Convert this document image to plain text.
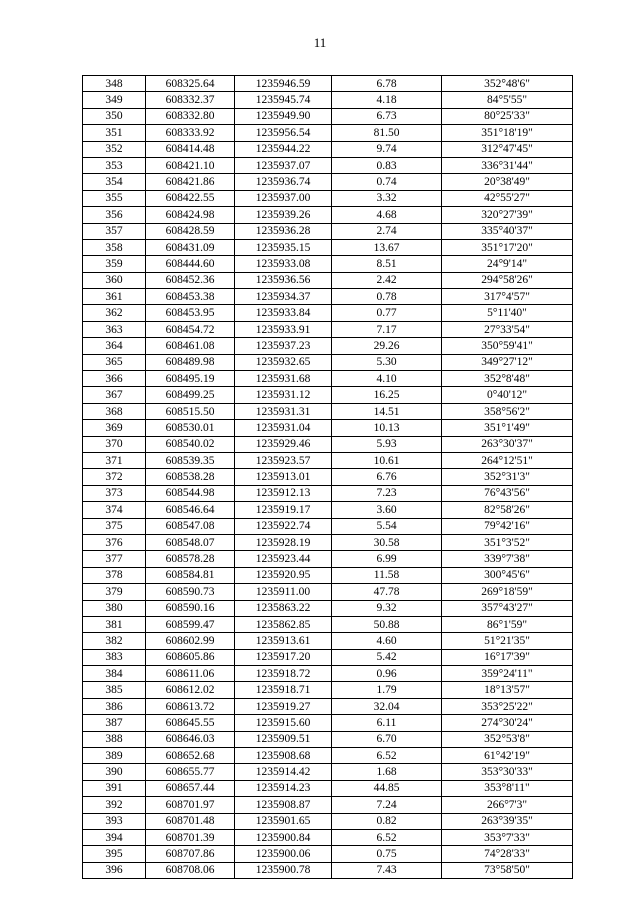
11
348	608325.64	1235946.59	6.78	352°48'6"
349	608332.37	1235945.74	4.18	84°5'55"
350	608332.80	1235949.90	6.73	80°25'33"
351	608333.92	1235956.54	81.50	351°18'19"
352	608414.48	1235944.22	9.74	312°47'45"
353	608421.10	1235937.07	0.83	336°31'44"
354	608421.86	1235936.74	0.74	20°38'49"
355	608422.55	1235937.00	3.32	42°55'27"
356	608424.98	1235939.26	4.68	320°27'39"
357	608428.59	1235936.28	2.74	335°40'37"
358	608431.09	1235935.15	13.67	351°17'20"
359	608444.60	1235933.08	8.51	24°9'14"
360	608452.36	1235936.56	2.42	294°58'26"
361	608453.38	1235934.37	0.78	317°4'57"
362	608453.95	1235933.84	0.77	5°11'40"
363	608454.72	1235933.91	7.17	27°33'54"
364	608461.08	1235937.23	29.26	350°59'41"
365	608489.98	1235932.65	5.30	349°27'12"
366	608495.19	1235931.68	4.10	352°8'48"
367	608499.25	1235931.12	16.25	0°40'12"
368	608515.50	1235931.31	14.51	358°56'2"
369	608530.01	1235931.04	10.13	351°1'49"
370	608540.02	1235929.46	5.93	263°30'37"
371	608539.35	1235923.57	10.61	264°12'51"
372	608538.28	1235913.01	6.76	352°31'3"
373	608544.98	1235912.13	7.23	76°43'56"
374	608546.64	1235919.17	3.60	82°58'26"
375	608547.08	1235922.74	5.54	79°42'16"
376	608548.07	1235928.19	30.58	351°3'52"
377	608578.28	1235923.44	6.99	339°7'38"
378	608584.81	1235920.95	11.58	300°45'6"
379	608590.73	1235911.00	47.78	269°18'59"
380	608590.16	1235863.22	9.32	357°43'27"
381	608599.47	1235862.85	50.88	86°1'59"
382	608602.99	1235913.61	4.60	51°21'35"
383	608605.86	1235917.20	5.42	16°17'39"
384	608611.06	1235918.72	0.96	359°24'11"
385	608612.02	1235918.71	1.79	18°13'57"
386	608613.72	1235919.27	32.04	353°25'22"
387	608645.55	1235915.60	6.11	274°30'24"
388	608646.03	1235909.51	6.70	352°53'8"
389	608652.68	1235908.68	6.52	61°42'19"
390	608655.77	1235914.42	1.68	353°30'33"
391	608657.44	1235914.23	44.85	353°8'11"
392	608701.97	1235908.87	7.24	266°7'3"
393	608701.48	1235901.65	0.82	263°39'35"
394	608701.39	1235900.84	6.52	353°7'33"
395	608707.86	1235900.06	0.75	74°28'33"
396	608708.06	1235900.78	7.43	73°58'50"
